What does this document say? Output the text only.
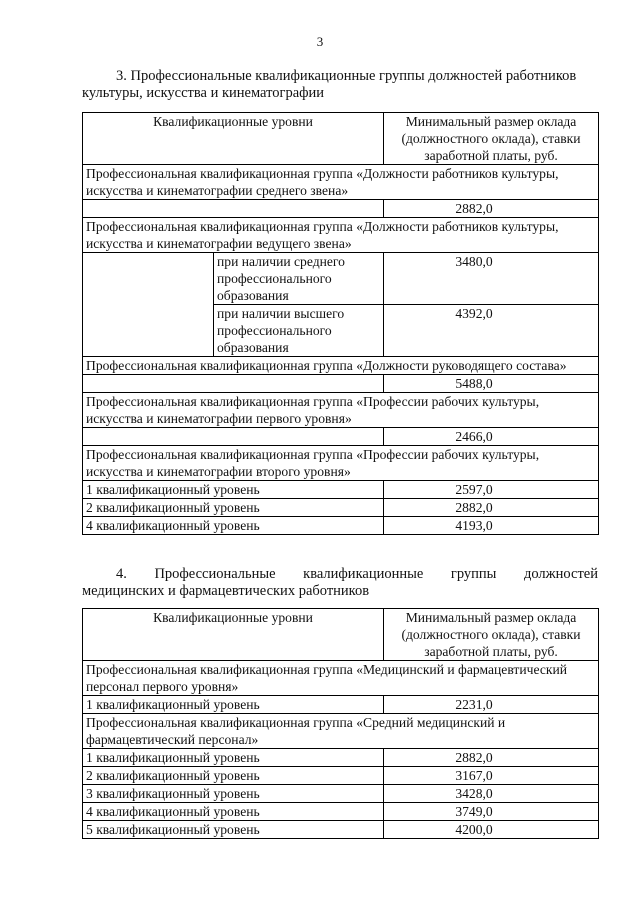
3
3. Профессиональные квалификационные группы должностей работников
культуры, искусства и кинематографии
Квалификационные уровни		Минимальный размер оклада (должностного оклада), ставки заработной платы, руб.
Профессиональная квалификационная группа «Должности работников культуры, искусства и кинематографии среднего звена»		
		2882,0
Профессиональная квалификационная группа «Должности работников культуры, искусства и кинематографии ведущего звена»		
	при наличии среднего профессионального образования	3480,0
	при наличии высшего профессионального образования	4392,0
Профессиональная квалификационная группа «Должности руководящего состава»		
		5488,0
Профессиональная квалификационная группа «Профессии рабочих культуры, искусства и кинематографии первого уровня»		
		2466,0
Профессиональная квалификационная группа «Профессии рабочих культуры, искусства и кинематографии второго уровня»		
1 квалификационный уровень		2597,0
2 квалификационный уровень		2882,0
4 квалификационный уровень		4193,0
4. Профессиональные квалификационные группы должностей
медицинских и фармацевтических работников
Квалификационные уровни	Минимальный размер оклада (должностного оклада), ставки заработной платы, руб.
Профессиональная квалификационная группа «Медицинский и фармацевтический персонал первого уровня»	
1 квалификационный уровень	2231,0
Профессиональная квалификационная группа «Средний медицинский и фармацевтический персонал»	
1 квалификационный уровень	2882,0
2 квалификационный уровень	3167,0
3 квалификационный уровень	3428,0
4 квалификационный уровень	3749,0
5 квалификационный уровень	4200,0
